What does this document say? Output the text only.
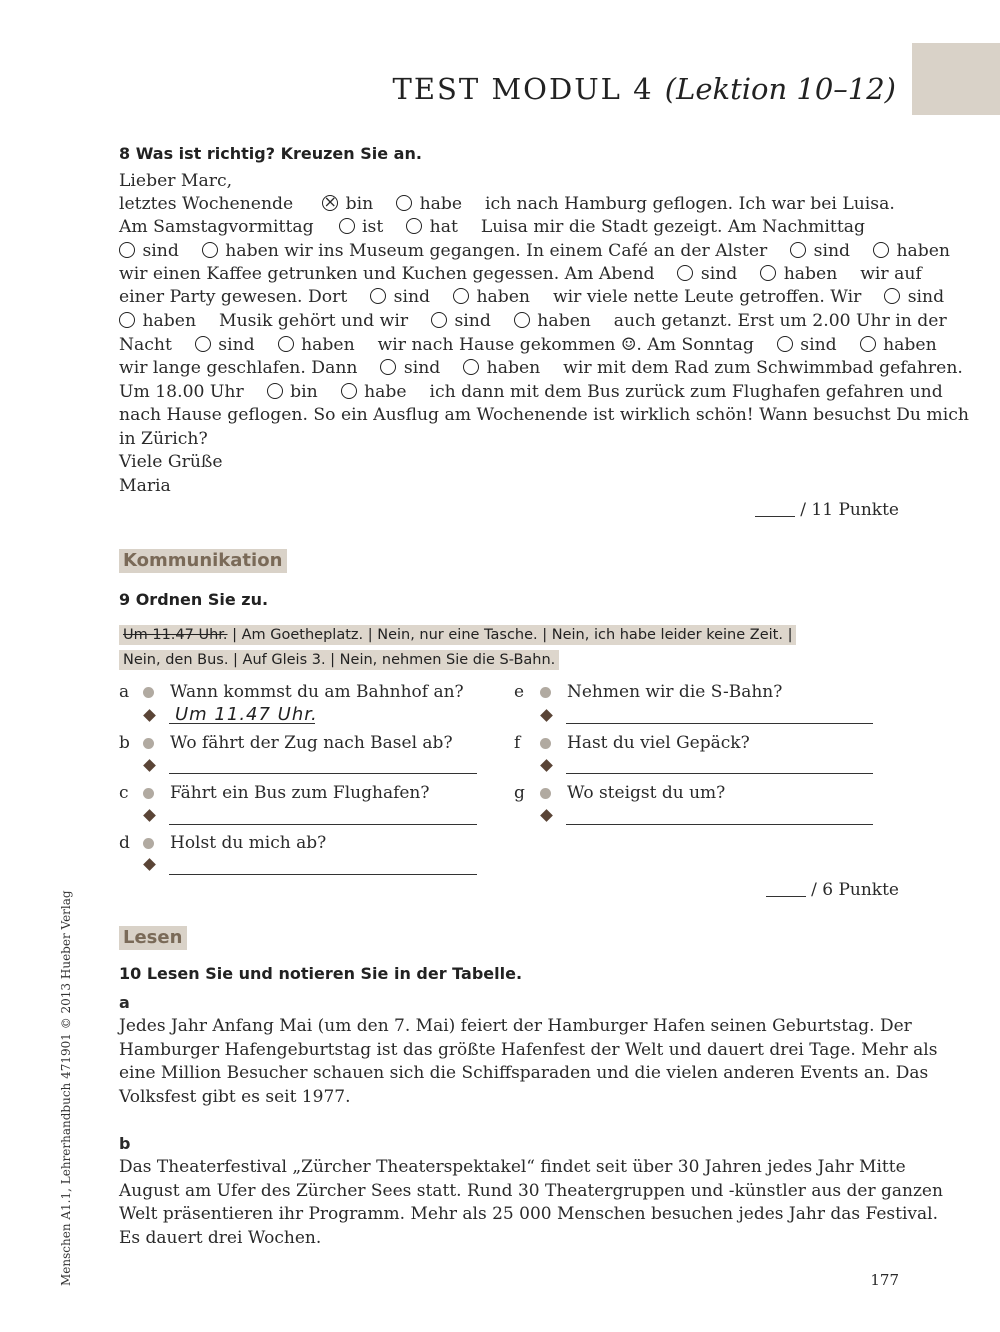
TEST MODUL 4 (Lektion 10–12)
8 Was ist richtig? Kreuzen Sie an.
Lieber Marc,
letztes Wochenende  ×	bin	habe ich nach Hamburg geflogen. Ich war bei Luisa.
Am Samstagvormittag	ist	hat Luisa mir die Stadt gezeigt. Am Nachmittag
sind	haben wir ins Museum gegangen. In einem Café an der Alster	sind	haben
wir einen Kaffee getrunken und Kuchen gegessen. Am Abend	sind	haben wir auf
einer Party gewesen. Dort	sind	haben wir viele nette Leute getroffen. Wir	sind
haben Musik gehört und wir	sind	haben auch getanzt. Erst um 2.00 Uhr in der
Nacht	sind	haben wir nach Hause gekommen ☺. Am Sonntag	sind	haben
wir lange geschlafen. Dann	sind	haben wir mit dem Rad zum Schwimmbad gefahren.
Um 18.00 Uhr	bin	habe ich dann mit dem Bus zurück zum Flughafen gefahren und
nach Hause geflogen. So ein Ausflug am Wochenende ist wirklich schön! Wann besuchst Du mich
in Zürich?
Viele Grüße
Maria
/ 11 Punkte
Kommunikation
9 Ordnen Sie zu.
Um 11.47 Uhr. | Am Goetheplatz. | Nein, nur eine Tasche. | Nein, ich habe leider keine Zeit. |
Nein, den Bus. | Auf Gleis 3. | Nein, nehmen Sie die S-Bahn.
a Wann kommst du am Bahnhof an?
Um 11.47 Uhr.
b Wo fährt der Zug nach Basel ab?
c Fährt ein Bus zum Flughafen?
d Holst du mich ab?
e	Nehmen wir die S-Bahn?
f	Hast du viel Gepäck?
g Wo steigst du um?
/ 6 Punkte
Lesen
10 Lesen Sie und notieren Sie in der Tabelle.
a
Jedes Jahr Anfang Mai (um den 7. Mai) feiert der Hamburger Hafen seinen Geburtstag. Der
Hamburger Hafengeburtstag ist das größte Hafenfest der Welt und dauert drei Tage. Mehr als
eine Million Besucher schauen sich die Schiffsparaden und die vielen anderen Events an. Das
Volksfest gibt es seit 1977.
b
Das Theaterfestival „Zürcher Theaterspektakel“ findet seit über 30 Jahren jedes Jahr Mitte
August am Ufer des Zürcher Sees statt. Rund 30 Theatergruppen und -künstler aus der ganzen
Welt präsentieren ihr Programm. Mehr als 25 000 Menschen besuchen jedes Jahr das Festival.
Es dauert drei Wochen.
Menschen A1.1, Lehrerhandbuch 471901 © 2013 Hueber Verlag	177
